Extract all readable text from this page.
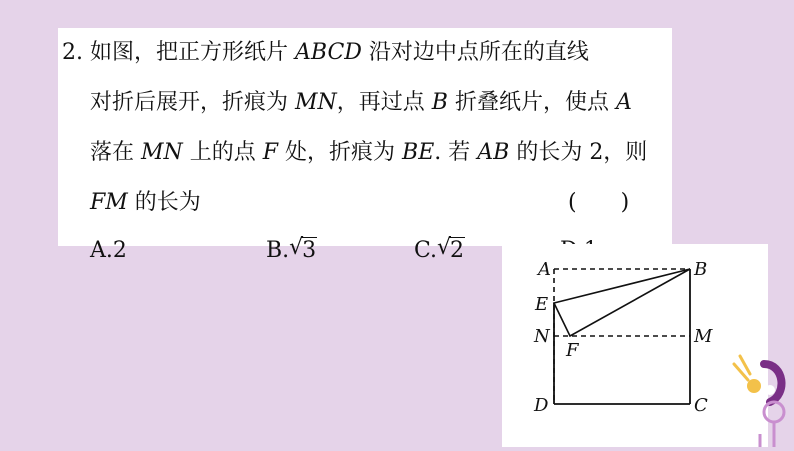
2. 如图，把正方形纸片 ABCD 沿对边中点所在的直线
对折后展开，折痕为 MN，再过点 B 折叠纸片，使点 A
落在 MN 上的点 F 处，折痕为 BE. 若 AB 的长为 2，则
FM 的长为	(　　)
A.2	B. √
3	C. √
2
A	B
E
N
F
M
D	C
